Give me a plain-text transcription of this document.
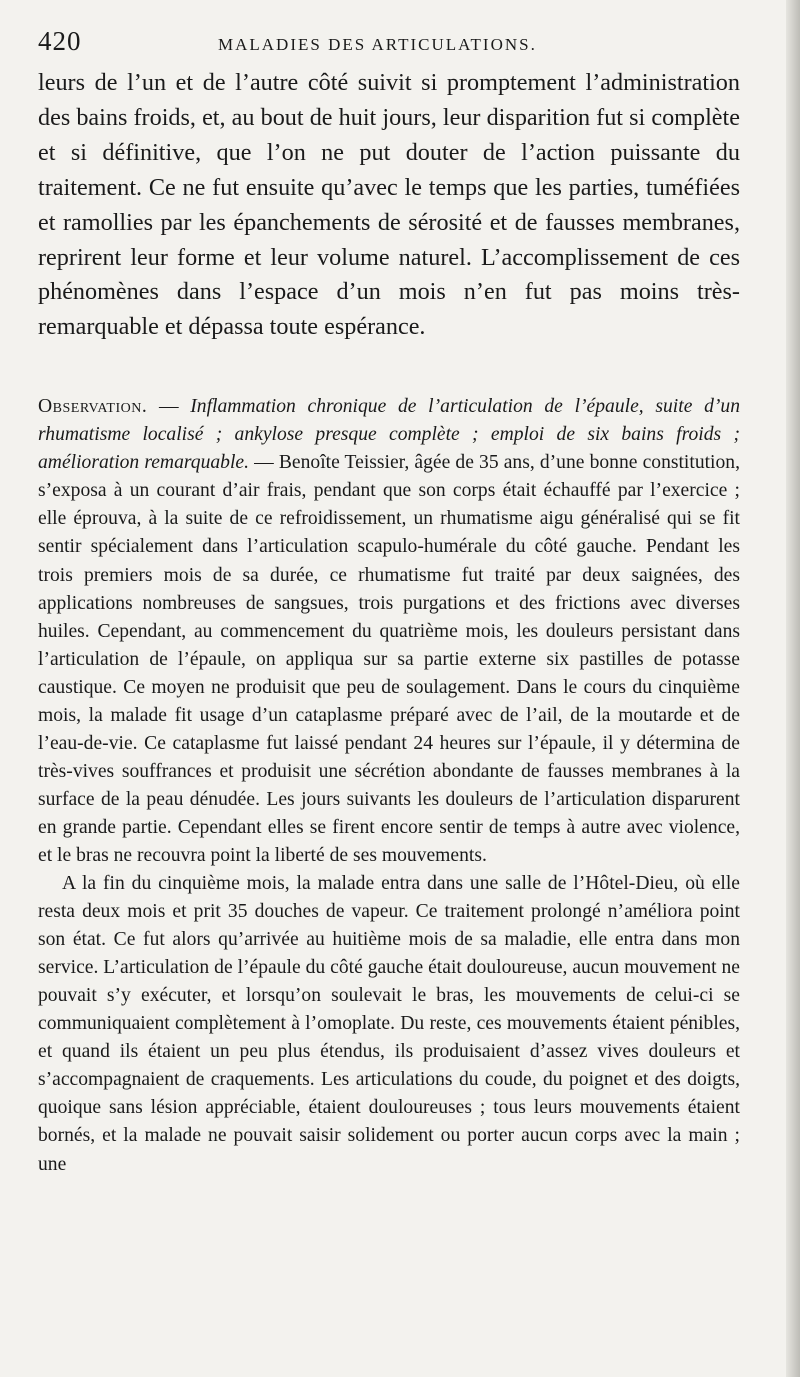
420	MALADIES DES ARTICULATIONS.

leurs de l’un et de l’autre côté suivit si promptement l’administration des bains froids, et, au bout de huit jours, leur disparition fut si complète et si définitive, que l’on ne put douter de l’action puissante du traitement. Ce ne fut ensuite qu’avec le temps que les parties, tuméfiées et ramollies par les épanchements de sérosité et de fausses membranes, reprirent leur forme et leur volume naturel. L’accomplissement de ces phénomènes dans l’espace d’un mois n’en fut pas moins très-remarquable et dépassa toute espérance.

Observation. — Inflammation chronique de l’articulation de l’épaule, suite d’un rhumatisme localisé ; ankylose presque complète ; emploi de six bains froids ; amélioration remarquable. — Benoîte Teissier, âgée de 35 ans, d’une bonne constitution, s’exposa à un courant d’air frais, pendant que son corps était échauffé par l’exercice ; elle éprouva, à la suite de ce refroidissement, un rhumatisme aigu généralisé qui se fit sentir spécialement dans l’articulation scapulo-humérale du côté gauche. Pendant les trois premiers mois de sa durée, ce rhumatisme fut traité par deux saignées, des applications nombreuses de sangsues, trois purgations et des frictions avec diverses huiles. Cependant, au commencement du quatrième mois, les douleurs persistant dans l’articulation de l’épaule, on appliqua sur sa partie externe six pastilles de potasse caustique. Ce moyen ne produisit que peu de soulagement. Dans le cours du cinquième mois, la malade fit usage d’un cataplasme préparé avec de l’ail, de la moutarde et de l’eau-de-vie. Ce cataplasme fut laissé pendant 24 heures sur l’épaule, il y détermina de très-vives souffrances et produisit une sécrétion abondante de fausses membranes à la surface de la peau dénudée. Les jours suivants les douleurs de l’articulation disparurent en grande partie. Cependant elles se firent encore sentir de temps à autre avec violence, et le bras ne recouvra point la liberté de ses mouvements.

A la fin du cinquième mois, la malade entra dans une salle de l’Hôtel-Dieu, où elle resta deux mois et prit 35 douches de vapeur. Ce traitement prolongé n’améliora point son état. Ce fut alors qu’arrivée au huitième mois de sa maladie, elle entra dans mon service. L’articulation de l’épaule du côté gauche était douloureuse, aucun mouvement ne pouvait s’y exécuter, et lorsqu’on soulevait le bras, les mouvements de celui-ci se communiquaient complètement à l’omoplate. Du reste, ces mouvements étaient pénibles, et quand ils étaient un peu plus étendus, ils produisaient d’assez vives douleurs et s’accompagnaient de craquements. Les articulations du coude, du poignet et des doigts, quoique sans lésion appréciable, étaient douloureuses ; tous leurs mouvements étaient bornés, et la malade ne pouvait saisir solidement ou porter aucun corps avec la main ; une
